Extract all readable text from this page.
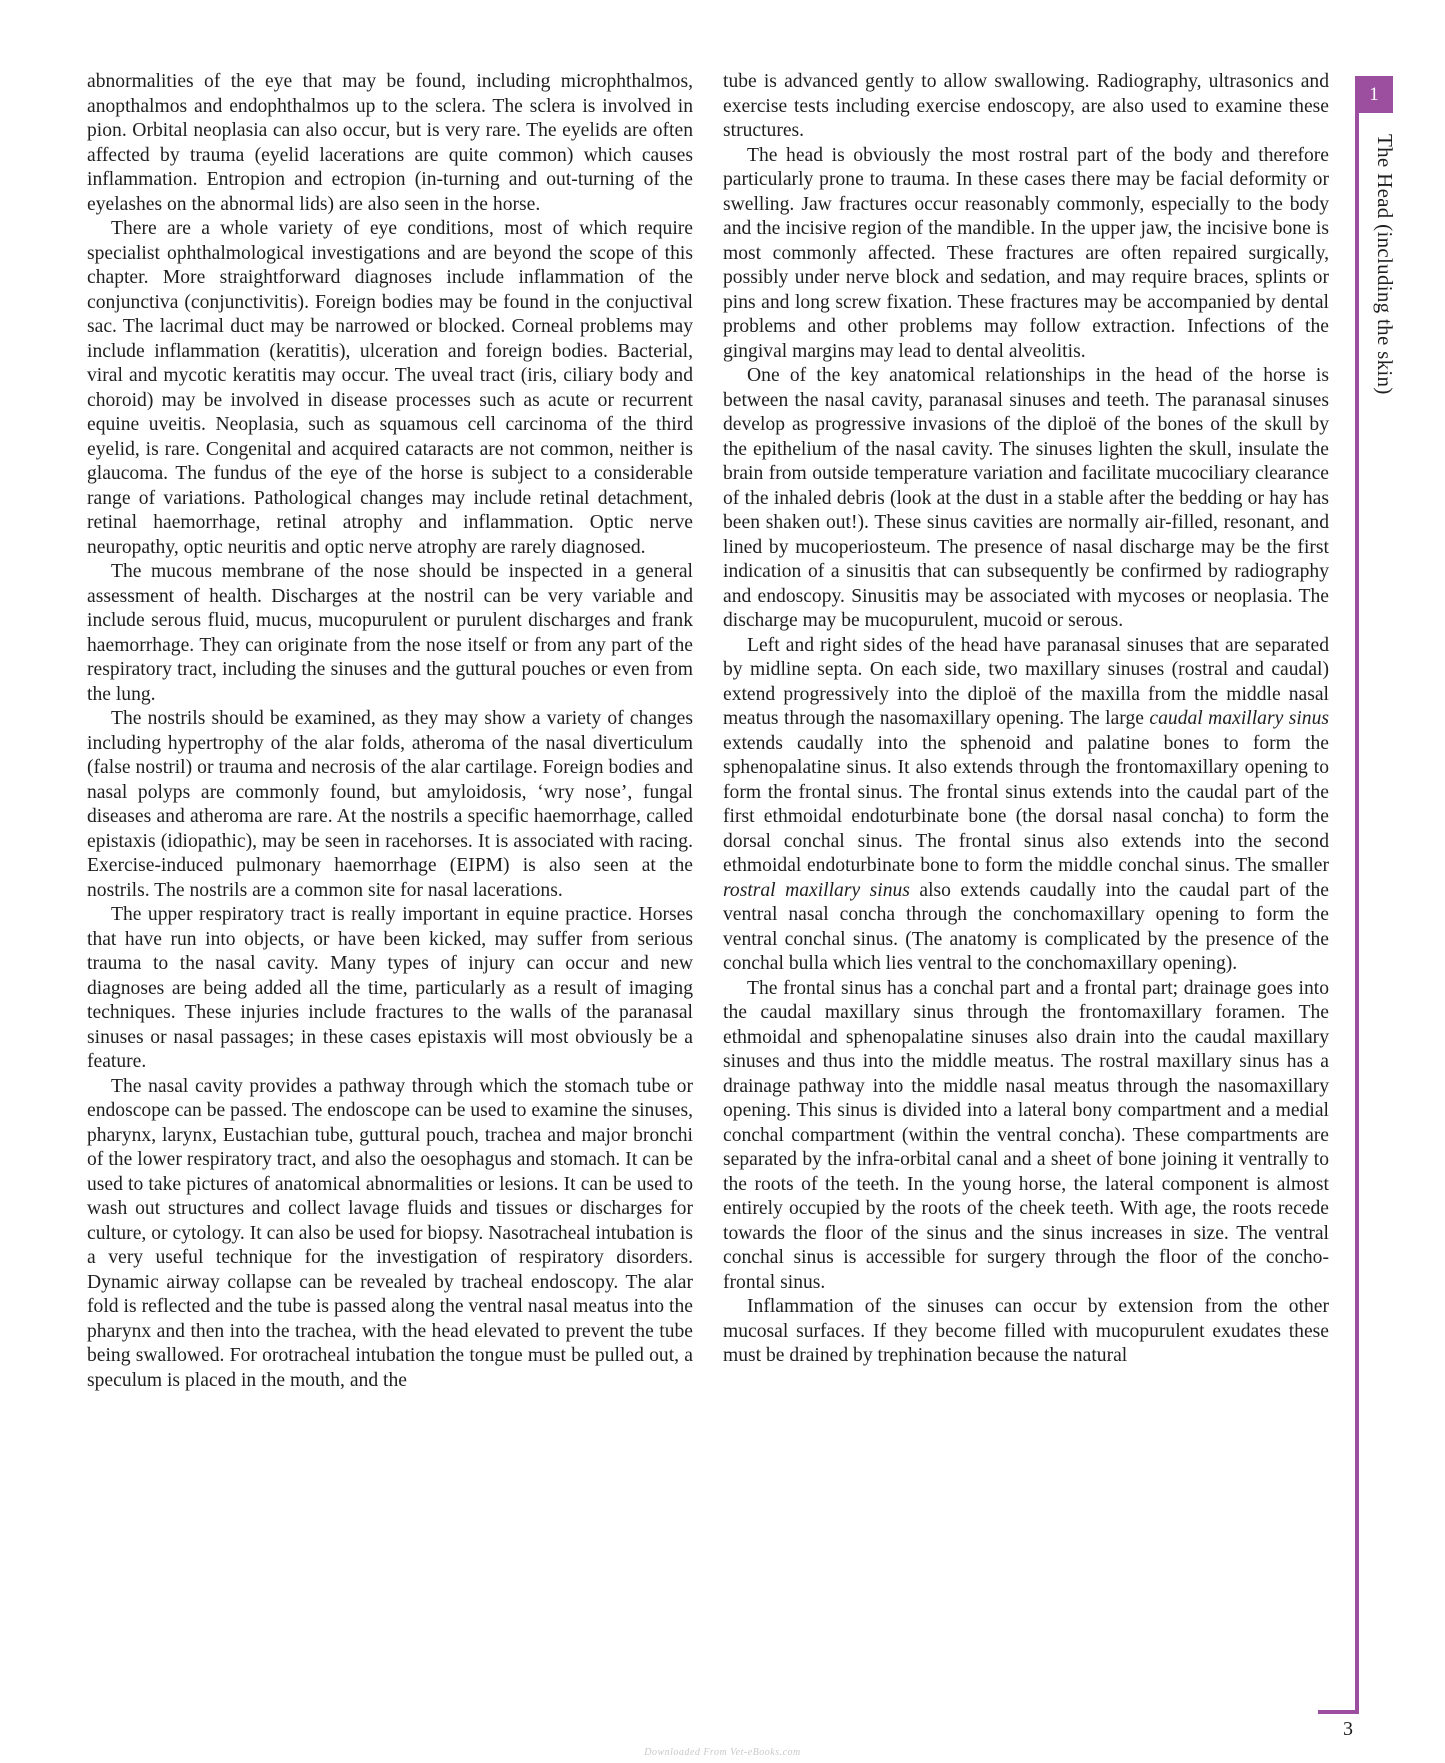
abnormalities of the eye that may be found, including microphthalmos, anopthalmos and endophthalmos up to the sclera. The sclera is involved in pion. Orbital neoplasia can also occur, but is very rare. The eyelids are often affected by trauma (eyelid lacerations are quite common) which causes inflammation. Entropion and ectropion (in-turning and out-turning of the eyelashes on the abnormal lids) are also seen in the horse.

There are a whole variety of eye conditions, most of which require specialist ophthalmological investigations and are beyond the scope of this chapter. More straightforward diagnoses include inflammation of the conjunctiva (conjunctivitis). Foreign bodies may be found in the conjuctival sac. The lacrimal duct may be narrowed or blocked. Corneal problems may include inflammation (keratitis), ulceration and foreign bodies. Bacterial, viral and mycotic keratitis may occur. The uveal tract (iris, ciliary body and choroid) may be involved in disease processes such as acute or recurrent equine uveitis. Neoplasia, such as squamous cell carcinoma of the third eyelid, is rare. Congenital and acquired cataracts are not common, neither is glaucoma. The fundus of the eye of the horse is subject to a considerable range of variations. Pathological changes may include retinal detachment, retinal haemorrhage, retinal atrophy and inflammation. Optic nerve neuropathy, optic neuritis and optic nerve atrophy are rarely diagnosed.

The mucous membrane of the nose should be inspected in a general assessment of health. Discharges at the nostril can be very variable and include serous fluid, mucus, mucopurulent or purulent discharges and frank haemorrhage. They can originate from the nose itself or from any part of the respiratory tract, including the sinuses and the guttural pouches or even from the lung.

The nostrils should be examined, as they may show a variety of changes including hypertrophy of the alar folds, atheroma of the nasal diverticulum (false nostril) or trauma and necrosis of the alar cartilage. Foreign bodies and nasal polyps are commonly found, but amyloidosis, ‘wry nose’, fungal diseases and atheroma are rare. At the nostrils a specific haemorrhage, called epistaxis (idiopathic), may be seen in racehorses. It is associated with racing. Exercise-induced pulmonary haemorrhage (EIPM) is also seen at the nostrils. The nostrils are a common site for nasal lacerations.

The upper respiratory tract is really important in equine practice. Horses that have run into objects, or have been kicked, may suffer from serious trauma to the nasal cavity. Many types of injury can occur and new diagnoses are being added all the time, particularly as a result of imaging techniques. These injuries include fractures to the walls of the paranasal sinuses or nasal passages; in these cases epistaxis will most obviously be a feature.

The nasal cavity provides a pathway through which the stomach tube or endoscope can be passed. The endoscope can be used to examine the sinuses, pharynx, larynx, Eustachian tube, guttural pouch, trachea and major bronchi of the lower respiratory tract, and also the oesophagus and stomach. It can be used to take pictures of anatomical abnormalities or lesions. It can be used to wash out structures and collect lavage fluids and tissues or discharges for culture, or cytology. It can also be used for biopsy. Nasotracheal intubation is a very useful technique for the investigation of respiratory disorders. Dynamic airway collapse can be revealed by tracheal endoscopy. The alar fold is reflected and the tube is passed along the ventral nasal meatus into the pharynx and then into the trachea, with the head elevated to prevent the tube being swallowed. For orotracheal intubation the tongue must be pulled out, a speculum is placed in the mouth, and the

tube is advanced gently to allow swallowing. Radiography, ultrasonics and exercise tests including exercise endoscopy, are also used to examine these structures.

The head is obviously the most rostral part of the body and therefore particularly prone to trauma. In these cases there may be facial deformity or swelling. Jaw fractures occur reasonably commonly, especially to the body and the incisive region of the mandible. In the upper jaw, the incisive bone is most commonly affected. These fractures are often repaired surgically, possibly under nerve block and sedation, and may require braces, splints or pins and long screw fixation. These fractures may be accompanied by dental problems and other problems may follow extraction. Infections of the gingival margins may lead to dental alveolitis.

One of the key anatomical relationships in the head of the horse is between the nasal cavity, paranasal sinuses and teeth. The paranasal sinuses develop as progressive invasions of the diploë of the bones of the skull by the epithelium of the nasal cavity. The sinuses lighten the skull, insulate the brain from outside temperature variation and facilitate mucociliary clearance of the inhaled debris (look at the dust in a stable after the bedding or hay has been shaken out!). These sinus cavities are normally air-filled, resonant, and lined by mucoperiosteum. The presence of nasal discharge may be the first indication of a sinusitis that can subsequently be confirmed by radiography and endoscopy. Sinusitis may be associated with mycoses or neoplasia. The discharge may be mucopurulent, mucoid or serous.

Left and right sides of the head have paranasal sinuses that are separated by midline septa. On each side, two maxillary sinuses (rostral and caudal) extend progressively into the diploë of the maxilla from the middle nasal meatus through the nasomaxillary opening. The large caudal maxillary sinus extends caudally into the sphenoid and palatine bones to form the sphenopalatine sinus. It also extends through the frontomaxillary opening to form the frontal sinus. The frontal sinus extends into the caudal part of the first ethmoidal endoturbinate bone (the dorsal nasal concha) to form the dorsal conchal sinus. The frontal sinus also extends into the second ethmoidal endoturbinate bone to form the middle conchal sinus. The smaller rostral maxillary sinus also extends caudally into the caudal part of the ventral nasal concha through the conchomaxillary opening to form the ventral conchal sinus. (The anatomy is complicated by the presence of the conchal bulla which lies ventral to the conchomaxillary opening).

The frontal sinus has a conchal part and a frontal part; drainage goes into the caudal maxillary sinus through the frontomaxillary foramen. The ethmoidal and sphenopalatine sinuses also drain into the caudal maxillary sinuses and thus into the middle meatus. The rostral maxillary sinus has a drainage pathway into the middle nasal meatus through the nasomaxillary opening. This sinus is divided into a lateral bony compartment and a medial conchal compartment (within the ventral concha). These compartments are separated by the infra-orbital canal and a sheet of bone joining it ventrally to the roots of the teeth. In the young horse, the lateral component is almost entirely occupied by the roots of the cheek teeth. With age, the roots recede towards the floor of the sinus and the sinus increases in size. The ventral conchal sinus is accessible for surgery through the floor of the concho-frontal sinus.

Inflammation of the sinuses can occur by extension from the other mucosal surfaces. If they become filled with mucopurulent exudates these must be drained by trephination because the natural

1
The Head (including the skin)
3
Downloaded From Vet-eBooks.com
